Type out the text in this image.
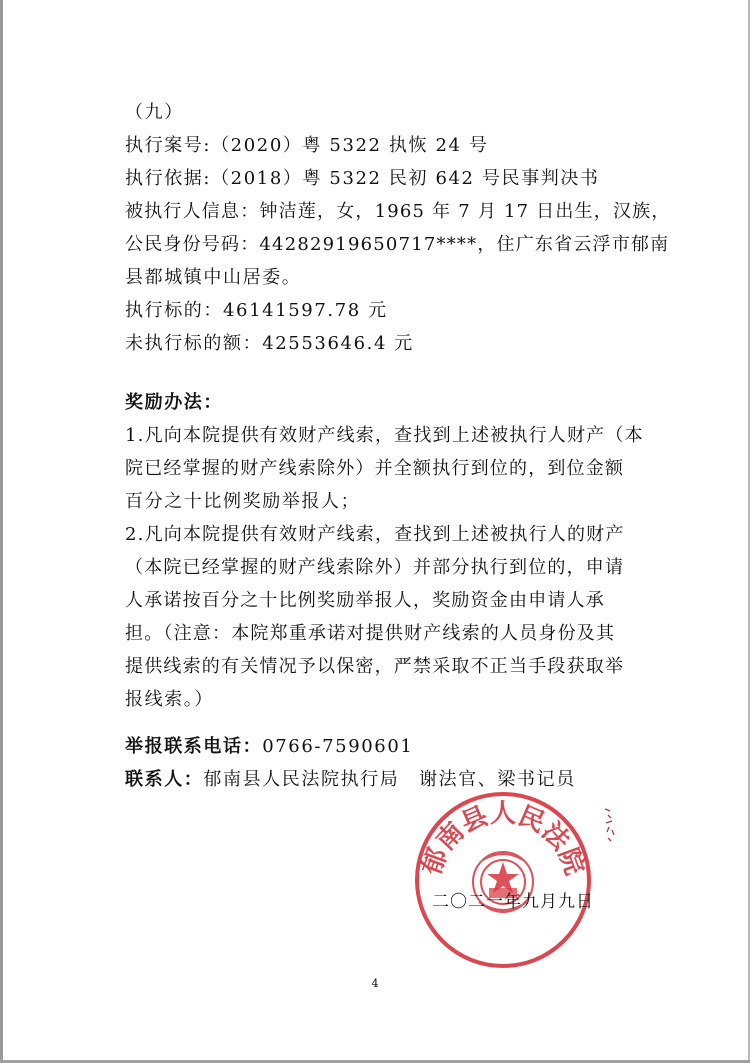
（九）
执行案号:（2020）粤 5322 执恢 24 号
执行依据:（2018）粤 5322 民初 642 号民事判决书
被执行人信息：钟洁莲，女，1965 年 7 月 17 日出生，汉族，
公民身份号码：44282919650717****，住广东省云浮市郁南
县都城镇中山居委。
执行标的：46141597.78 元
未执行标的额：42553646.4 元
奖励办法：
1.凡向本院提供有效财产线索，查找到上述被执行人财产（本
院已经掌握的财产线索除外）并全额执行到位的，到位金额
百分之十比例奖励举报人；
2.凡向本院提供有效财产线索，查找到上述被执行人的财产
（本院已经掌握的财产线索除外）并部分执行到位的，申请
人承诺按百分之十比例奖励举报人，奖励资金由申请人承
担。（注意：本院郑重承诺对提供财产线索的人员身份及其
提供线索的有关情况予以保密，严禁采取不正当手段获取举
报线索。）
举报联系电话：0766-7590601
联系人：郁南县人民法院执行局　谢法官、梁书记员
郁南县人民法院
二〇二一年九月九日
4
